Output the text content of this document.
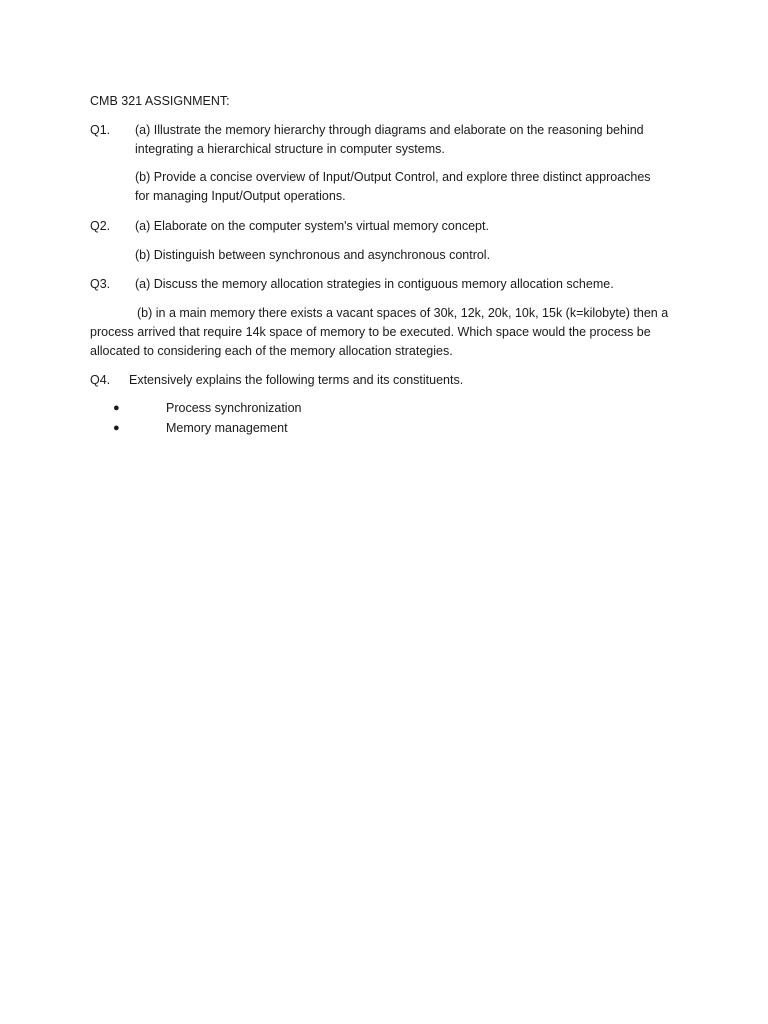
CMB 321 ASSIGNMENT:
Q1. (a) Illustrate the memory hierarchy through diagrams and elaborate on the reasoning behind
integrating a hierarchical structure in computer systems.
(b) Provide a concise overview of Input/Output Control, and explore three distinct approaches
for managing Input/Output operations.
Q2. (a) Elaborate on the computer system's virtual memory concept.
(b) Distinguish between synchronous and asynchronous control.
Q3. (a) Discuss the memory allocation strategies in contiguous memory allocation scheme.
(b) in a main memory there exists a vacant spaces of 30k, 12k, 20k, 10k, 15k (k=kilobyte) then a
process arrived that require 14k space of memory to be executed. Which space would the process be
allocated to considering each of the memory allocation strategies.
Q4. Extensively explains the following terms and its constituents.
●	Process synchronization
●	Memory management
